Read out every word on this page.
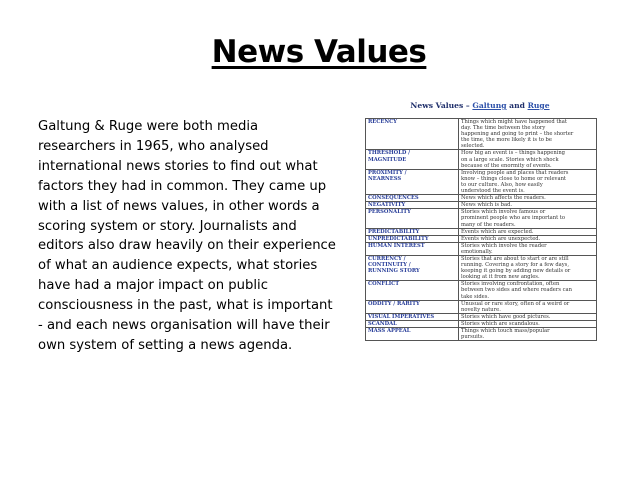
News Values

Galtung & Ruge were both media
researchers in 1965, who analysed
international news stories to find out what
factors they had in common. They came up
with a list of news values, in other words a
scoring system or story. Journalists and
editors also draw heavily on their experience
of what an audience expects, what stories
have had a major impact on public
consciousness in the past, what is important
- and each news organisation will have their
own system of setting a news agenda.

News Values – Galtung and Ruge
RECENCY	Things which might have happened that
day. The time between the story
happening and going to print – the shorter
the time, the more likely it is to be
selected.

THRESHOLD /
MAGNITUDE	How big an event is – things happening
on a large scale. Stories which shock
because of the enormity of events.

PROXIMITY /
NEARNESS	Involving people and places that readers
know – things close to home or relevant
to our culture. Also, how easily
understood the event is.

CONSEQUENCES	News which affects the readers.

NEGATIVITY	News which is bad.

PERSONALITY	Stories which involve famous or
prominent people who are important to
many of the readers.

PREDICTABILITY	Events which are expected.

UNPREDICTABILITY	Events which are unexpected.

HUMAN INTEREST	Stories which involve the reader
emotionally.

CURRENCY /
CONTINUITY /
RUNNING STORY	Stories that are about to start or are still
running. Covering a story for a few days,
keeping it going by adding new details or
looking at it from new angles.

CONFLICT	Stories involving confrontation, often
between two sides and where readers can
take sides.

ODDITY / RARITY	Unusual or rare story, often of a weird or
novelty nature.

VISUAL IMPERATIVES	Stories which have good pictures.

SCANDAL	Stories which are scandalous.

MASS APPEAL	Things which touch mass/popular
pursuits.
